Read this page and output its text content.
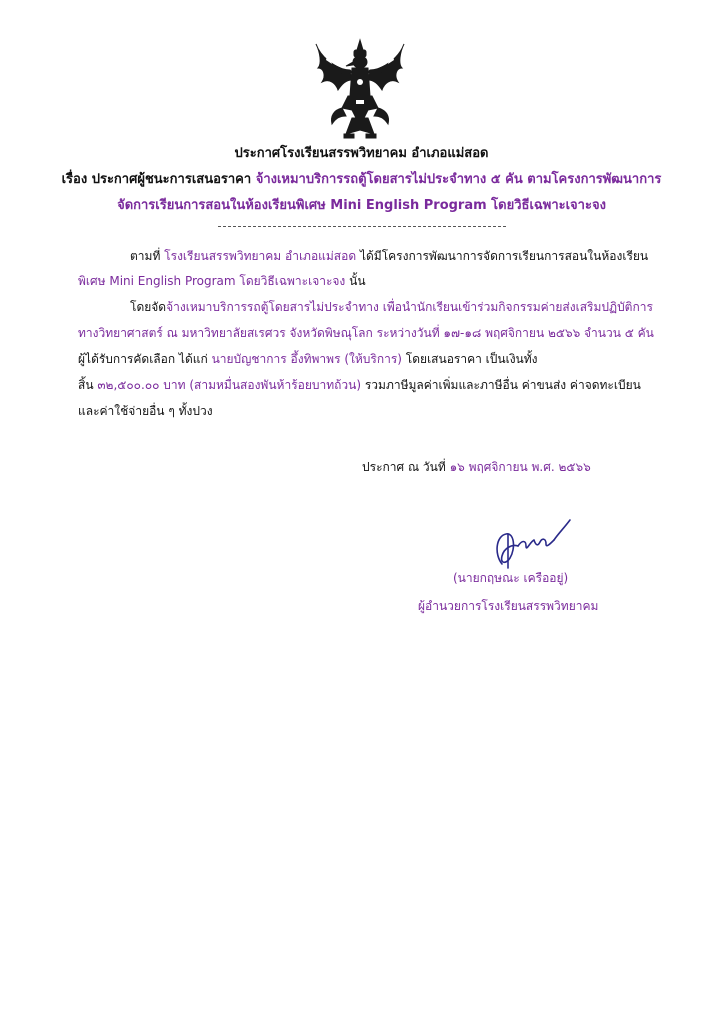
ประกาศโรงเรียนสรรพวิทยาคม อำเภอแม่สอด
เรื่อง ประกาศผู้ชนะการเสนอราคา จ้างเหมาบริการรถตู้โดยสารไม่ประจำทาง ๕ คัน ตามโครงการพัฒนาการ
จัดการเรียนการสอนในห้องเรียนพิเศษ Mini English Program โดยวิธีเฉพาะเจาะจง
ตามที่ โรงเรียนสรรพวิทยาคม อำเภอแม่สอด ได้มีโครงการพัฒนาการจัดการเรียนการสอนในห้องเรียน
พิเศษ Mini English Program โดยวิธีเฉพาะเจาะจง นั้น
โดยจัดจ้างเหมาบริการรถตู้โดยสารไม่ประจำทาง เพื่อนำนักเรียนเข้าร่วมกิจกรรมค่ายส่งเสริมปฏิบัติการ
ทางวิทยาศาสตร์ ณ มหาวิทยาลัยสเรศวร จังหวัดพิษณุโลก ระหว่างวันที่ ๑๗-๑๘ พฤศจิกายน ๒๕๖๖ จำนวน ๕ คัน
ผู้ได้รับการคัดเลือก ได้แก่ นายบัญชาการ อึ้งทิพาพร (ให้บริการ) โดยเสนอราคา เป็นเงินทั้ง
สิ้น ๓๒,๕๐๐.๐๐ บาท (สามหมื่นสองพันห้าร้อยบาทถ้วน) รวมภาษีมูลค่าเพิ่มและภาษีอื่น ค่าขนส่ง ค่าจดทะเบียน
และค่าใช้จ่ายอื่น ๆ ทั้งปวง
ประกาศ ณ วันที่ ๑๖ พฤศจิกายน พ.ศ. ๒๕๖๖
(นายกฤษณะ เครืออยู่)
ผู้อำนวยการโรงเรียนสรรพวิทยาคม
